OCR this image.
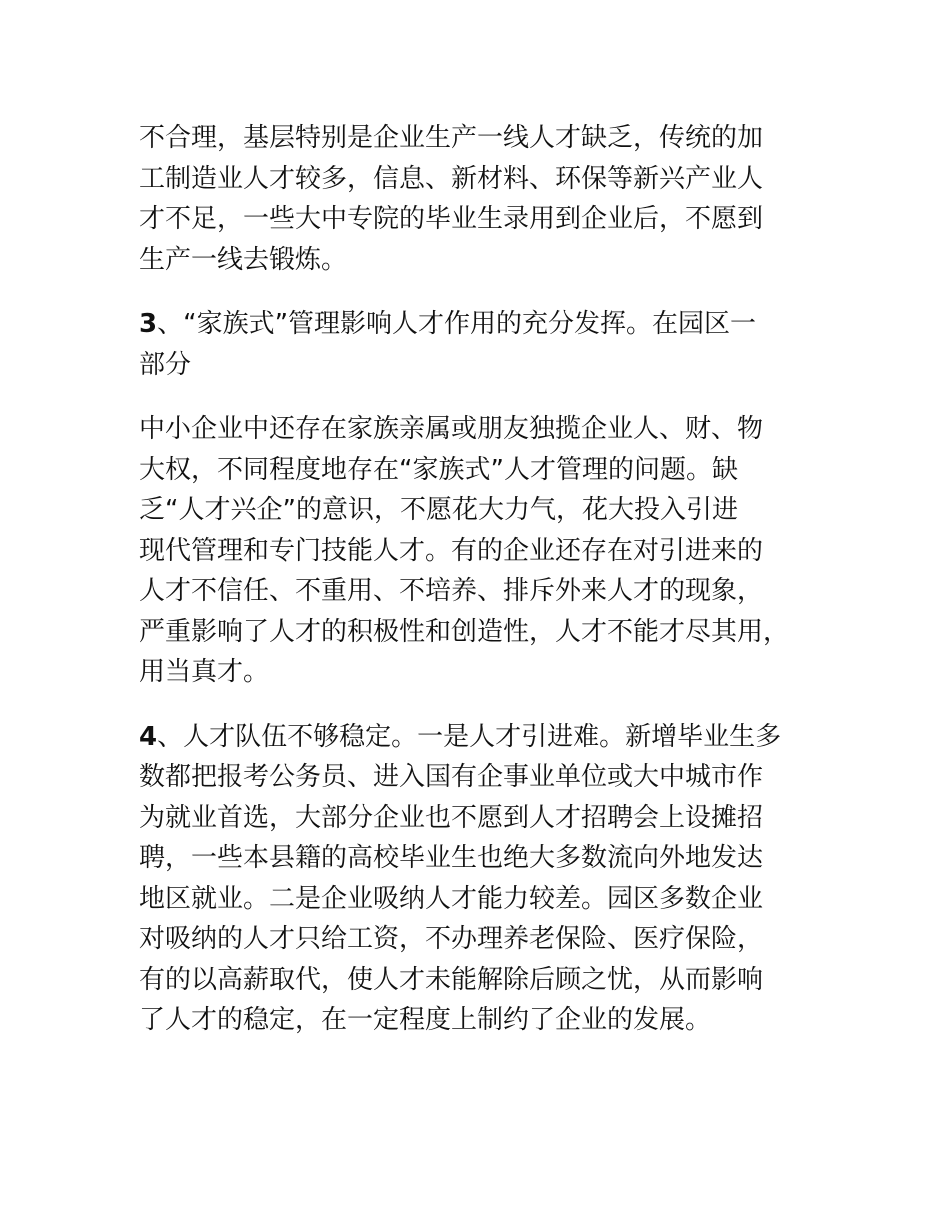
不合理，基层特别是企业生产一线人才缺乏，传统的加
工制造业人才较多，信息、新材料、环保等新兴产业人
才不足，一些大中专院的毕业生录用到企业后，不愿到
生产一线去锻炼。

3、“家族式”管理影响人才作用的充分发挥。在园区一
部分

中小企业中还存在家族亲属或朋友独揽企业人、财、物
大权，不同程度地存在“家族式”人才管理的问题。缺
乏“人才兴企”的意识，不愿花大力气，花大投入引进
现代管理和专门技能人才。有的企业还存在对引进来的
人才不信任、不重用、不培养、排斥外来人才的现象，
严重影响了人才的积极性和创造性，人才不能才尽其用，
用当真才。

4、人才队伍不够稳定。一是人才引进难。新增毕业生多
数都把报考公务员、进入国有企事业单位或大中城市作
为就业首选，大部分企业也不愿到人才招聘会上设摊招
聘，一些本县籍的高校毕业生也绝大多数流向外地发达
地区就业。二是企业吸纳人才能力较差。园区多数企业
对吸纳的人才只给工资，不办理养老保险、医疗保险，
有的以高薪取代，使人才未能解除后顾之忧，从而影响
了人才的稳定，在一定程度上制约了企业的发展。
